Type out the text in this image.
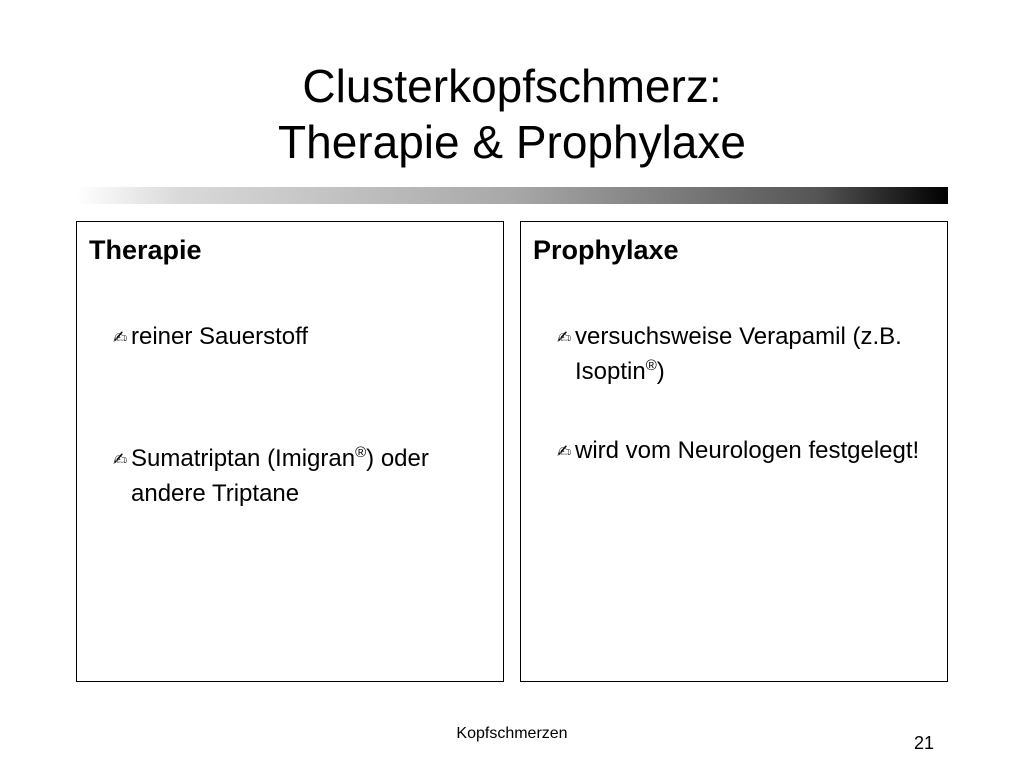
Clusterkopfschmerz:
Therapie & Prophylaxe
Therapie
✍ reiner Sauerstoff
✍ Sumatriptan (Imigran®) oder andere Triptane
Prophylaxe
✍ versuchsweise Verapamil (z.B. Isoptin®)
✍ wird vom Neurologen festgelegt!
Kopfschmerzen	21
